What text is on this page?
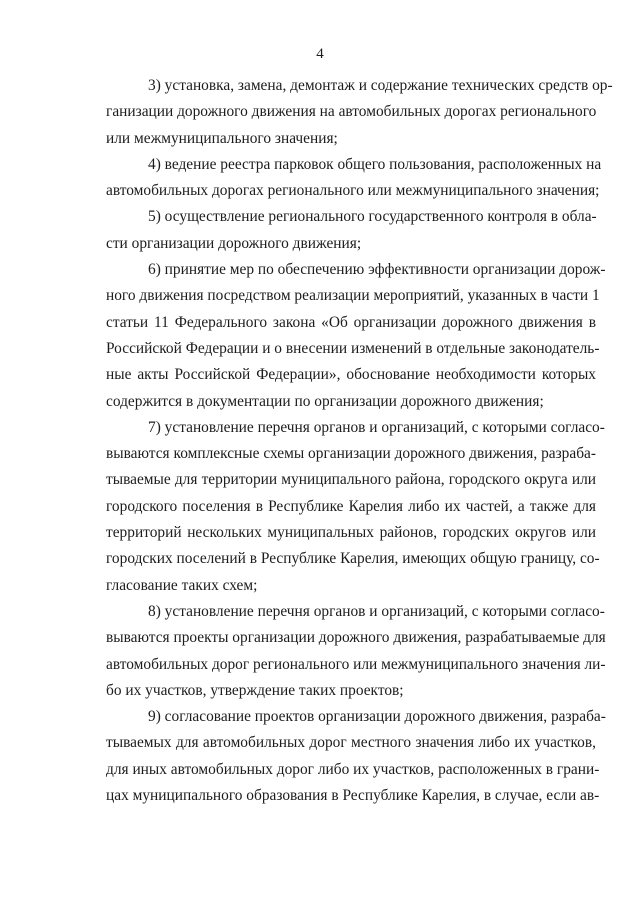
4
3) установка, замена, демонтаж и содержание технических средств ор-
ганизации дорожного движения на автомобильных дорогах регионального
или межмуниципального значения;
4) ведение реестра парковок общего пользования, расположенных на
автомобильных дорогах регионального или межмуниципального значения;
5) осуществление регионального государственного контроля в обла-
сти организации дорожного движения;
6) принятие мер по обеспечению эффективности организации дорож-
ного движения посредством реализации мероприятий, указанных в части 1
статьи 11 Федерального закона «Об организации дорожного движения в
Российской Федерации и о внесении изменений в отдельные законодатель-
ные акты Российской Федерации», обоснование необходимости которых
содержится в документации по организации дорожного движения;
7) установление перечня органов и организаций, с которыми согласо-
вываются комплексные схемы организации дорожного движения, разраба-
тываемые для территории муниципального района, городского округа или
городского поселения в Республике Карелия либо их частей, а также для
территорий нескольких муниципальных районов, городских округов или
городских поселений в Республике Карелия, имеющих общую границу, со-
гласование таких схем;
8) установление перечня органов и организаций, с которыми согласо-
вываются проекты организации дорожного движения, разрабатываемые для
автомобильных дорог регионального или межмуниципального значения ли-
бо их участков, утверждение таких проектов;
9) согласование проектов организации дорожного движения, разраба-
тываемых для автомобильных дорог местного значения либо их участков,
для иных автомобильных дорог либо их участков, расположенных в грани-
цах муниципального образования в Республике Карелия, в случае, если ав-
